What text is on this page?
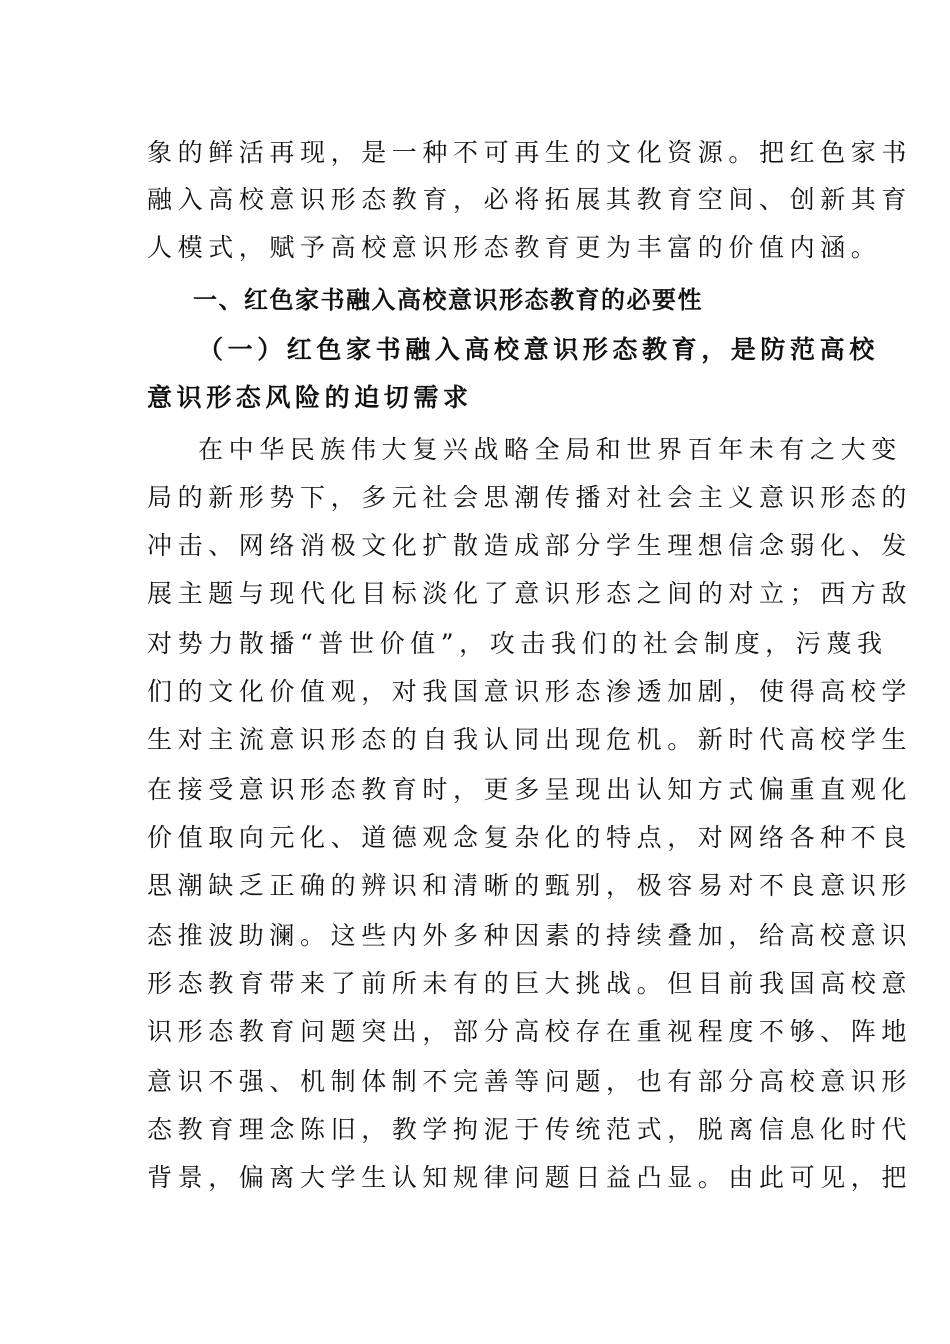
象的鲜活再现，是一种不可再生的文化资源。把红色家书
融入高校意识形态教育，必将拓展其教育空间、创新其育
人模式，赋予高校意识形态教育更为丰富的价值内涵。
一、红色家书融入高校意识形态教育的必要性
（一）红色家书融入高校意识形态教育，是防范高校
意识形态风险的迫切需求
在中华民族伟大复兴战略全局和世界百年未有之大变
局的新形势下，多元社会思潮传播对社会主义意识形态的
冲击、网络消极文化扩散造成部分学生理想信念弱化、发
展主题与现代化目标淡化了意识形态之间的对立；西方敌
对势力散播“普世价值”，攻击我们的社会制度，污蔑我
们的文化价值观，对我国意识形态渗透加剧，使得高校学
生对主流意识形态的自我认同出现危机。新时代高校学生
在接受意识形态教育时，更多呈现出认知方式偏重直观化
价值取向元化、道德观念复杂化的特点，对网络各种不良
思潮缺乏正确的辨识和清晰的甄别，极容易对不良意识形
态推波助澜。这些内外多种因素的持续叠加，给高校意识
形态教育带来了前所未有的巨大挑战。但目前我国高校意
识形态教育问题突出，部分高校存在重视程度不够、阵地
意识不强、机制体制不完善等问题，也有部分高校意识形
态教育理念陈旧，教学拘泥于传统范式，脱离信息化时代
背景，偏离大学生认知规律问题日益凸显。由此可见，把
